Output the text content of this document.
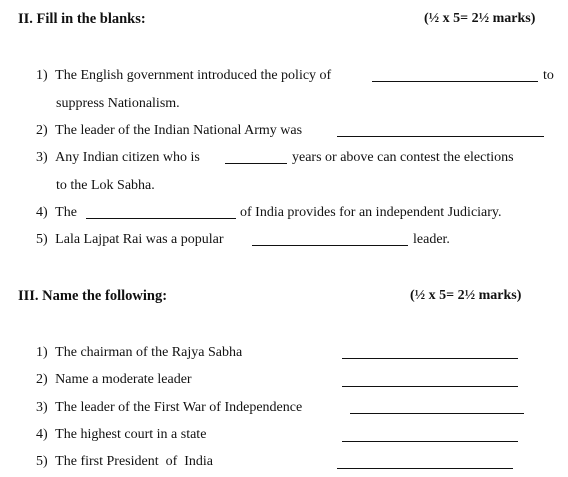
II. Fill in the blanks:	(½ x 5= 2½ marks)
1) The English government introduced the policy of	to
suppress Nationalism.
2) The leader of the Indian National Army was
3) Any Indian citizen who is	years or above can contest the elections
to the Lok Sabha.
4) The	of India provides for an independent Judiciary.
5) Lala Lajpat Rai was a popular	leader.
III. Name the following:	(½ x 5= 2½ marks)
1) The chairman of the Rajya Sabha
2) Name a moderate leader
3) The leader of the First War of Independence
4) The highest court in a state
5) The first President  of  India
